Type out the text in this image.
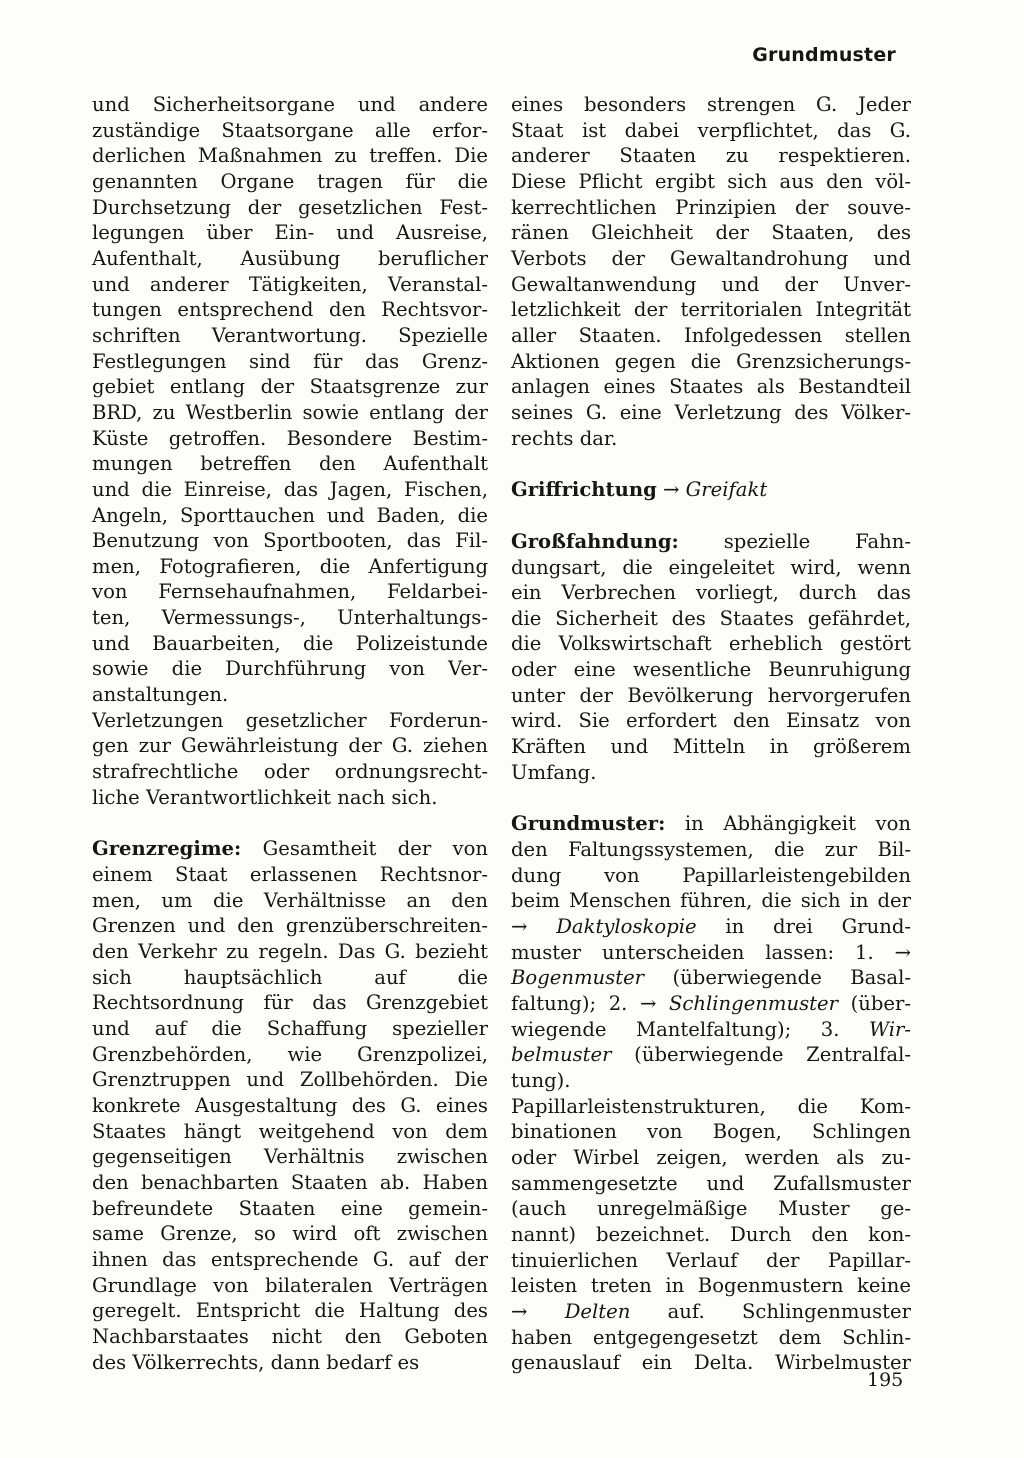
Grundmuster
und Sicherheitsorgane und andere
zuständige Staatsorgane alle erfor-
derlichen Maßnahmen zu treffen. Die
genannten Organe tragen für die
Durchsetzung der gesetzlichen Fest-
legungen über Ein- und Ausreise,
Aufenthalt, Ausübung beruflicher
und anderer Tätigkeiten, Veranstal-
tungen entsprechend den Rechtsvor-
schriften Verantwortung. Spezielle
Festlegungen sind für das Grenz-
gebiet entlang der Staatsgrenze zur
BRD, zu Westberlin sowie entlang der
Küste getroffen. Besondere Bestim-
mungen betreffen den Aufenthalt
und die Einreise, das Jagen, Fischen,
Angeln, Sporttauchen und Baden, die
Benutzung von Sportbooten, das Fil-
men, Fotografieren, die Anfertigung
von Fernsehaufnahmen, Feldarbei-
ten, Vermessungs-, Unterhaltungs-
und Bauarbeiten, die Polizeistunde
sowie die Durchführung von Ver-
anstaltungen.
Verletzungen gesetzlicher Forderun-
gen zur Gewährleistung der G. ziehen
strafrechtliche oder ordnungsrecht-
liche Verantwortlichkeit nach sich.
Grenzregime: Gesamtheit der von
einem Staat erlassenen Rechtsnor-
men, um die Verhältnisse an den
Grenzen und den grenzüberschreiten-
den Verkehr zu regeln. Das G. bezieht
sich hauptsächlich auf die
Rechtsordnung für das Grenzgebiet
und auf die Schaffung spezieller
Grenzbehörden, wie Grenzpolizei,
Grenztruppen und Zollbehörden. Die
konkrete Ausgestaltung des G. eines
Staates hängt weitgehend von dem
gegenseitigen Verhältnis zwischen
den benachbarten Staaten ab. Haben
befreundete Staaten eine gemein-
same Grenze, so wird oft zwischen
ihnen das entsprechende G. auf der
Grundlage von bilateralen Verträgen
geregelt. Entspricht die Haltung des
Nachbarstaates nicht den Geboten
des Völkerrechts, dann bedarf es
eines besonders strengen G. Jeder
Staat ist dabei verpflichtet, das G.
anderer Staaten zu respektieren.
Diese Pflicht ergibt sich aus den völ-
kerrechtlichen Prinzipien der souve-
ränen Gleichheit der Staaten, des
Verbots der Gewaltandrohung und
Gewaltanwendung und der Unver-
letzlichkeit der territorialen Integrität
aller Staaten. Infolgedessen stellen
Aktionen gegen die Grenzsicherungs-
anlagen eines Staates als Bestandteil
seines G. eine Verletzung des Völker-
rechts dar.
Griffrichtung → Greifakt
Großfahndung: spezielle Fahn-
dungsart, die eingeleitet wird, wenn
ein Verbrechen vorliegt, durch das
die Sicherheit des Staates gefährdet,
die Volkswirtschaft erheblich gestört
oder eine wesentliche Beunruhigung
unter der Bevölkerung hervorgerufen
wird. Sie erfordert den Einsatz von
Kräften und Mitteln in größerem
Umfang.
Grundmuster: in Abhängigkeit von
den Faltungssystemen, die zur Bil-
dung von Papillarleistengebilden
beim Menschen führen, die sich in der
→ Daktyloskopie in drei Grund-
muster unterscheiden lassen: 1. →
Bogenmuster (überwiegende Basal-
faltung); 2. → Schlingenmuster (über-
wiegende Mantelfaltung); 3. Wir-
belmuster (überwiegende Zentralfal-
tung).
Papillarleistenstrukturen, die Kom-
binationen von Bogen, Schlingen
oder Wirbel zeigen, werden als zu-
sammengesetzte und Zufallsmuster
(auch unregelmäßige Muster ge-
nannt) bezeichnet. Durch den kon-
tinuierlichen Verlauf der Papillar-
leisten treten in Bogenmustern keine
→ Delten auf. Schlingenmuster
haben entgegengesetzt dem Schlin-
genauslauf ein Delta. Wirbelmuster
195
